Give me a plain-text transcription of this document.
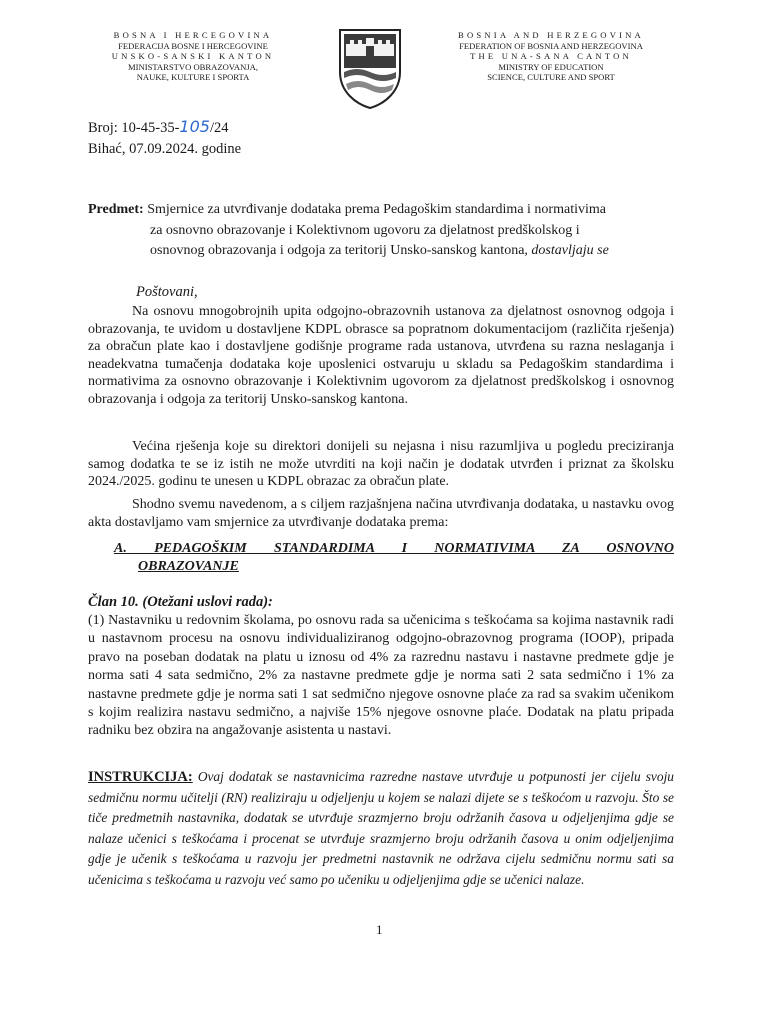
BOSNA I HERCEGOVINA
FEDERACIJA BOSNE I HERCEGOVINE
UNSKO-SANSKI KANTON
MINISTARSTVO OBRAZOVANJA,
NAUKE, KULTURE I SPORTA
BOSNIA AND HERZEGOVINA
FEDERATION OF BOSNIA AND HERZEGOVINA
THE UNA-SANA CANTON
MINISTRY OF EDUCATION
SCIENCE, CULTURE AND SPORT
Broj: 10-45-35-105/24
Bihać, 07.09.2024. godine
Predmet: Smjernice za utvrđivanje dodataka prema Pedagoškim standardima i normativima
za osnovno obrazovanje i Kolektivnom ugovoru za djelatnost predškolskog i
osnovnog obrazovanja i odgoja za teritorij Unsko-sanskog kantona, dostavljaju se
Poštovani,

Na osnovu mnogobrojnih upita odgojno-obrazovnih ustanova za djelatnost osnovnog odgoja i obrazovanja, te uvidom u dostavljene KDPL obrasce sa popratnom dokumentacijom (različita rješenja) za obračun plate kao i dostavljene godišnje programe rada ustanova, utvrđena su razna neslaganja i neadekvatna tumačenja dodataka koje uposlenici ostvaruju u skladu sa Pedagoškim standardima i normativima za osnovno obrazovanje i Kolektivnim ugovorom za djelatnost predškolskog i osnovnog obrazovanja i odgoja za teritorij Unsko-sanskog kantona.

Većina rješenja koje su direktori donijeli su nejasna i nisu razumljiva u pogledu preciziranja samog dodatka te se iz istih ne može utvrditi na koji način je dodatak utvrđen i priznat za školsku 2024./2025. godinu te unesen u KDPL obrazac za obračun plate.

Shodno svemu navedenom, a s ciljem razjašnjena načina utvrđivanja dodataka, u nastavku ovog akta dostavljamo vam smjernice za utvrđivanje dodataka prema:

A. PEDAGOŠKIM STANDARDIMA I NORMATIVIMA ZA OSNOVNO
OBRAZOVANJE
Član 10. (Otežani uslovi rada):

(1) Nastavniku u redovnim školama, po osnovu rada sa učenicima s teškoćama sa kojima nastavnik radi u nastavnom procesu na osnovu individualiziranog odgojno-obrazovnog programa (IOOP), pripada pravo na poseban dodatak na platu u iznosu od 4% za razrednu nastavu i nastavne predmete gdje je norma sati 4 sata sedmično, 2% za nastavne predmete gdje je norma sati 2 sata sedmično i 1% za nastavne predmete gdje je norma sati 1 sat sedmično njegove osnovne plaće za rad sa svakim učenikom s kojim realizira nastavu sedmično, a najviše 15% njegove osnovne plaće. Dodatak na platu pripada radniku bez obzira na angažovanje asistenta u nastavi.

INSTRUKCIJA: Ovaj dodatak se nastavnicima razredne nastave utvrđuje u potpunosti jer cijelu svoju sedmičnu normu učitelji (RN) realiziraju u odjeljenju u kojem se nalazi dijete se s teškoćom u razvoju. Što se tiče predmetnih nastavnika, dodatak se utvrđuje srazmjerno broju održanih časova u odjeljenjima gdje se nalaze učenici s teškoćama i procenat se utvrđuje srazmjerno broju održanih časova u onim odjeljenjima gdje je učenik s teškoćama u razvoju jer predmetni nastavnik ne održava cijelu sedmičnu normu sati sa učenicima s teškoćama u razvoju već samo po učeniku u odjeljenjima gdje se učenici nalaze.

1
